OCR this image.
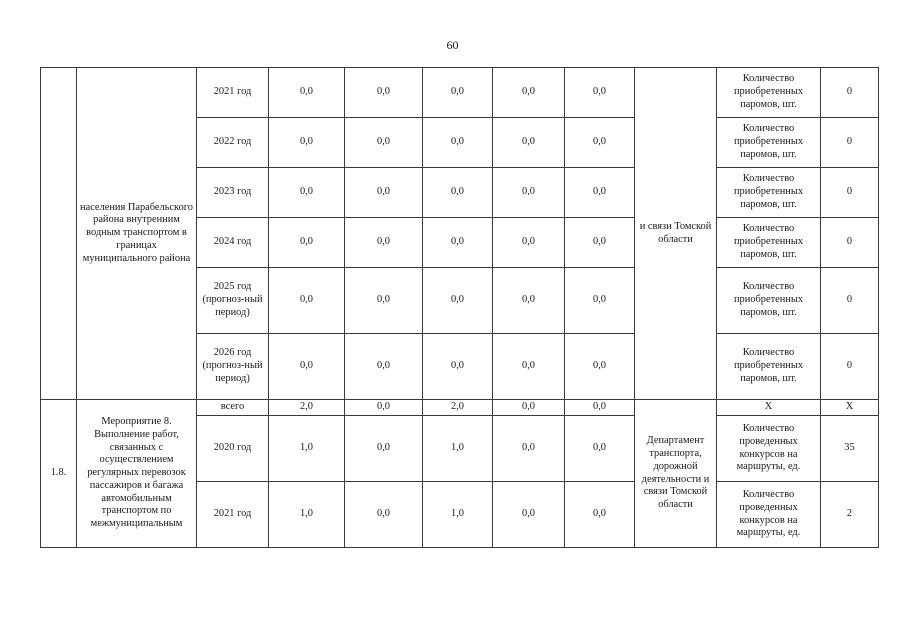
60
	населения Парабельского района внутренним водным транспортом в границах муниципального района	2021 год	0,0	0,0	0,0	0,0	0,0	и связи Томской области	Количество приобретенных паромов, шт.	0
		2022 год	0,0	0,0	0,0	0,0	0,0		Количество приобретенных паромов, шт.	0
		2023 год	0,0	0,0	0,0	0,0	0,0		Количество приобретенных паромов, шт.	0
		2024 год	0,0	0,0	0,0	0,0	0,0		Количество приобретенных паромов, шт.	0
		2025 год (прогноз-ный период)	0,0	0,0	0,0	0,0	0,0		Количество приобретенных паромов, шт.	0
		2026 год (прогноз-ный период)	0,0	0,0	0,0	0,0	0,0		Количество приобретенных паромов, шт.	0
1.8.	Мероприятие 8. Выполнение работ, связанных с осуществлением регулярных перевозок пассажиров и багажа автомобильным транспортом по межмуниципальным	всего	2,0	0,0	2,0	0,0	0,0	Департамент транспорта, дорожной деятельности и связи Томской области	Х	Х
		2020 год	1,0	0,0	1,0	0,0	0,0		Количество проведенных конкурсов на маршруты, ед.	35
		2021 год	1,0	0,0	1,0	0,0	0,0		Количество проведенных конкурсов на маршруты, ед.	2
